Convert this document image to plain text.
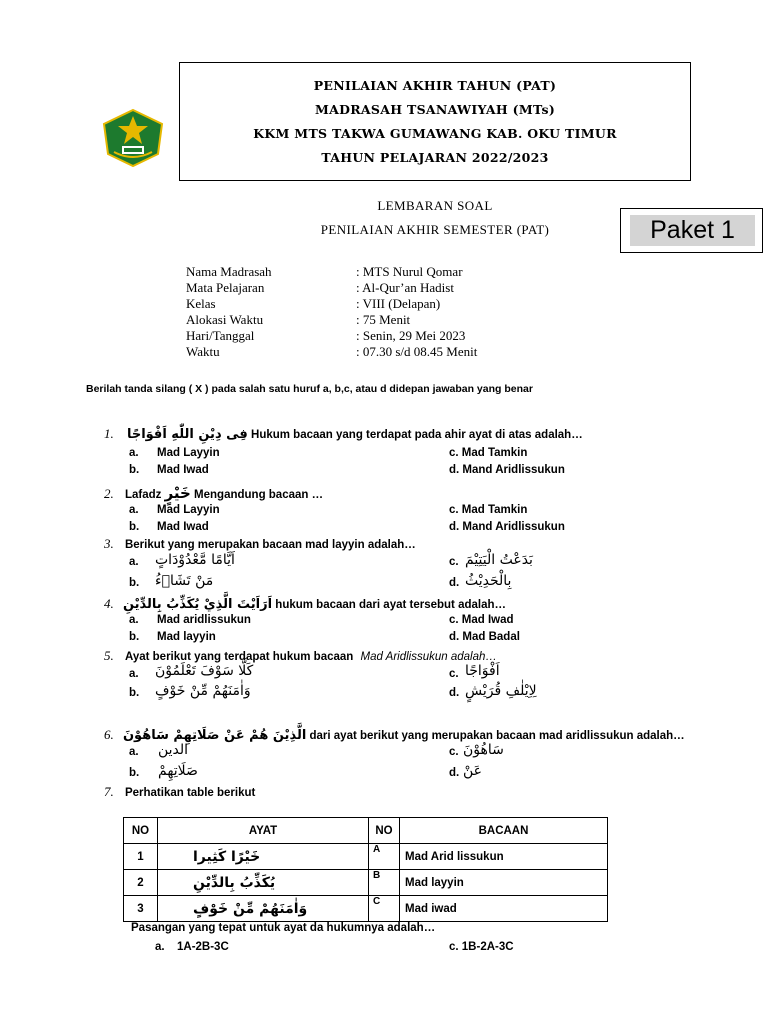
PENILAIAN AKHIR TAHUN (PAT)
MADRASAH TSANAWIYAH (MTs)
KKM MTS TAKWA GUMAWANG KAB. OKU TIMUR
TAHUN PELAJARAN 2022/2023
Paket 1
LEMBARAN SOAL
PENILAIAN AKHIR SEMESTER (PAT)
Nama Madrasah	: MTS Nurul Qomar
Mata Pelajaran	: Al-Qur’an Hadist
Kelas	: VIII (Delapan)
Alokasi Waktu	: 75 Menit
Hari/Tanggal	: Senin, 29 Mei 2023
Waktu	: 07.30 s/d 08.45 Menit
Berilah tanda silang ( X ) pada salah satu huruf a, b,c, atau d didepan jawaban yang benar
1. فِى دِيْنِ اللّٰهِ اَفْوَاجًا Hukum bacaan yang terdapat pada ahir ayat di atas adalah…
a. Mad Layyin	c. Mad Tamkin
b. Mad Iwad	d. Mand Aridlissukun
2. Lafadz خَيْرٍ Mengandung bacaan …
a. Mad Layyin	c. Mad Tamkin
b. Mad Iwad	d. Mand Aridlissukun
3. Berikut yang merupakan bacaan mad layyin adalah…
a. اَيَّامًا مَّعْدُوْدَاتٍ	c. بَدَعْتُ الْيَتِيْمَ
b. مَنْ تَشَاۤءُ	d. بِالْحَدِيْثُ
4. اَرَاَيْتَ الَّذِيْ يُكَذِّبُ بِالدِّيْنِ hukum bacaan dari ayat tersebut adalah…
a. Mad aridlissukun	c. Mad Iwad
b. Mad layyin	d. Mad Badal
5. Ayat berikut yang terdapat hukum bacaan Mad Aridlissukun adalah…
a. كَلَّا سَوْفَ تَعْلَمُوْنَ	c. اَفْوَاجًا
b. وَاٰمَنَهُمْ مِّنْ خَوْفٍ	d. لِاِيْلٰفِ قُرَيْشٍ
6. الَّذِيْنَ هُمْ عَنْ صَلَاتِهِمْ سَاهُوْنَ dari ayat berikut yang merupakan bacaan mad aridlissukun adalah…
a. الدين	c. سَاهُوْنَ
b. صَلَاتِهِمْ	d. عَنْ
7. Perhatikan table berikut
NO	AYAT	NO	BACAAN
1	خَيْرًا كَثِيرا	A	Mad Arid lissukun
2	يُكَذِّبُ بِالدِّيْنِ	B	Mad layyin
3	وَاٰمَنَهُمْ مِّنْ خَوْفٍ	C	Mad iwad
Pasangan yang tepat untuk ayat da hukumnya adalah…
a. 1A-2B-3C	c. 1B-2A-3C
